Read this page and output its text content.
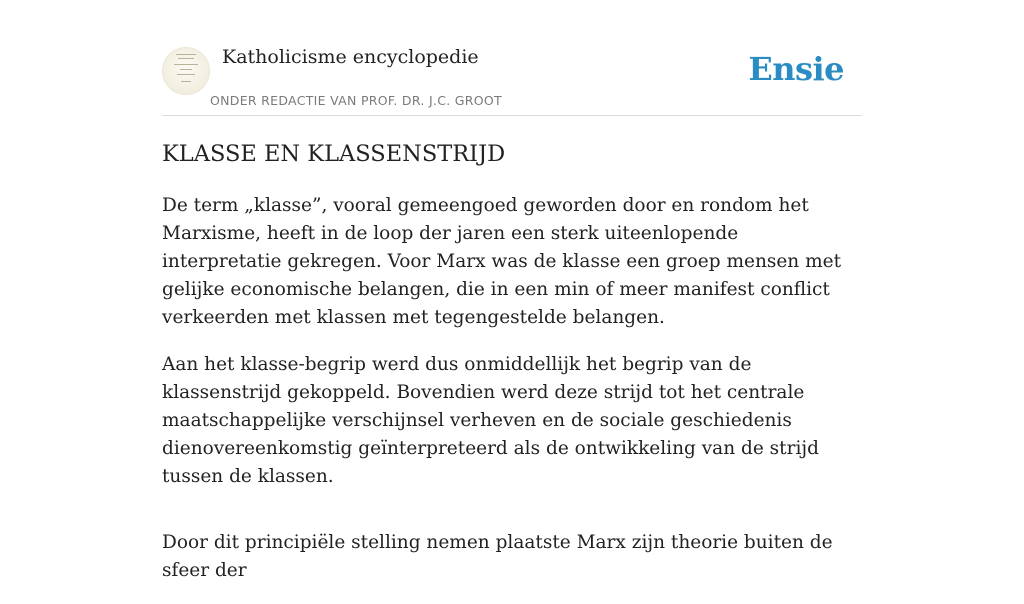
Katholicisme encyclopedie
ONDER REDACTIE VAN PROF. DR. J.C. GROOT
Ensie
KLASSE EN KLASSENSTRIJD

De term „klasse”, vooral gemeengoed geworden door en rondom het Marxisme, heeft in de loop der jaren een sterk uiteenlopende interpretatie gekregen. Voor Marx was de klasse een groep mensen met gelijke economische belangen, die in een min of meer manifest conflict verkeerden met klassen met tegengestelde belangen.

Aan het klasse-begrip werd dus onmiddellijk het begrip van de klassenstrijd gekoppeld. Bovendien werd deze strijd tot het centrale maatschappelijke verschijnsel verheven en de sociale geschiedenis dienovereenkomstig geïnterpreteerd als de ontwikkeling van de strijd tussen de klassen.

Door dit principiële stelling nemen plaatste Marx zijn theorie buiten de sfeer der
